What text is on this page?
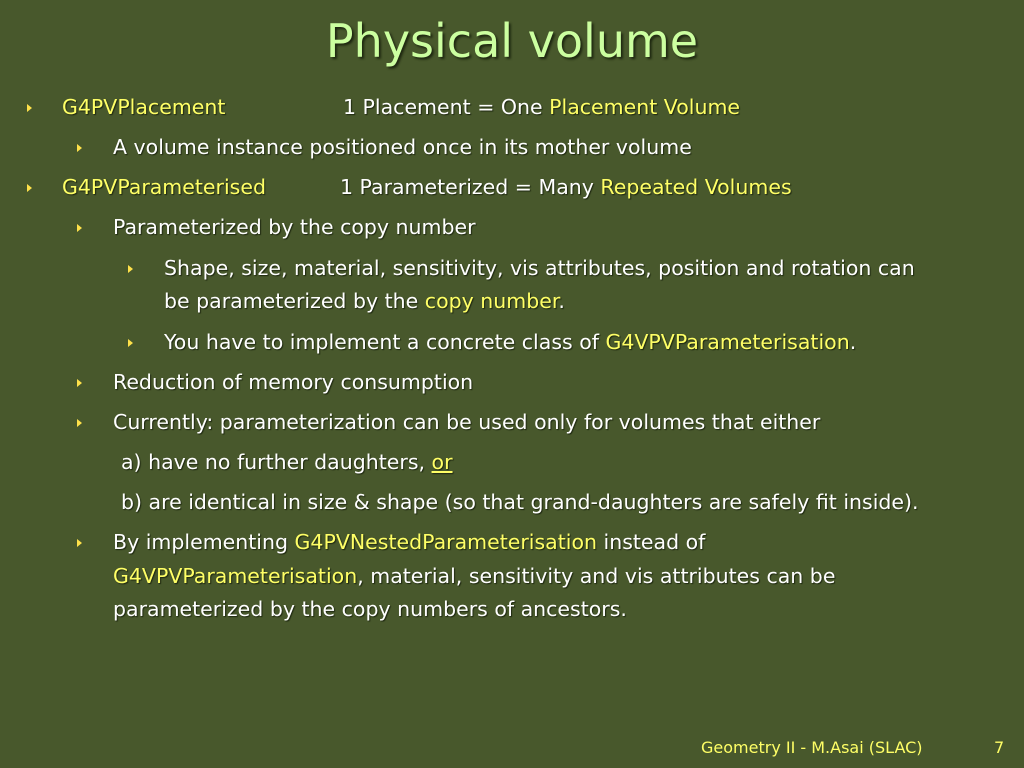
Physical volume
G4PVPlacement	1 Placement = One Placement Volume
A volume instance positioned once in its mother volume
G4PVParameterised	1 Parameterized = Many Repeated Volumes
Parameterized by the copy number
Shape, size, material, sensitivity, vis attributes, position and rotation can
be parameterized by the copy number.
You have to implement a concrete class of G4VPVParameterisation.
Reduction of memory consumption
Currently: parameterization can be used only for volumes that either
a) have no further daughters, or
b) are identical in size & shape (so that grand-daughters are safely fit inside).
By implementing G4PVNestedParameterisation instead of
G4VPVParameterisation, material, sensitivity and vis attributes can be
parameterized by the copy numbers of ancestors.
Geometry II - M.Asai (SLAC)	7
